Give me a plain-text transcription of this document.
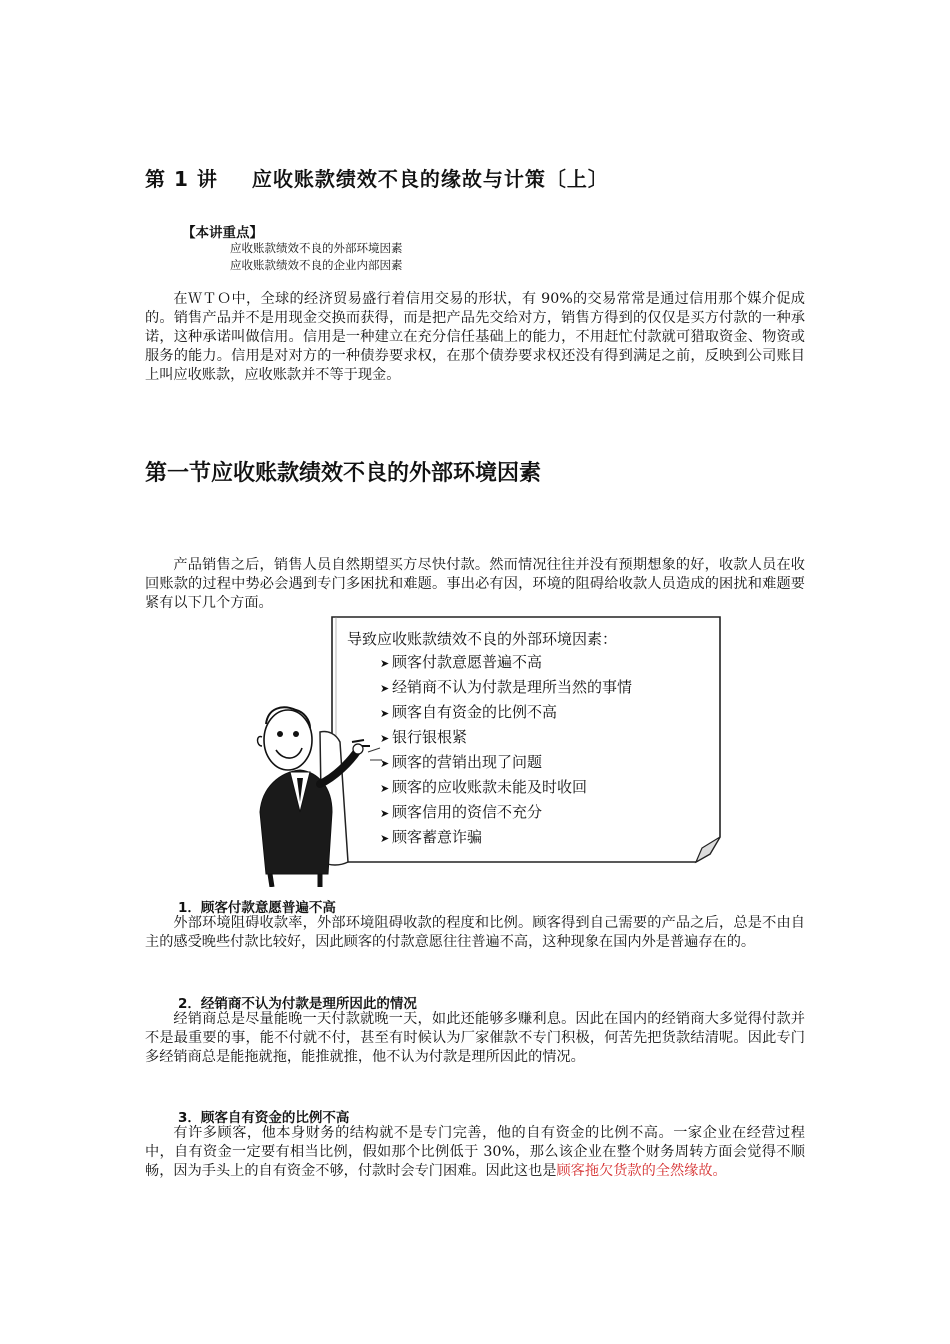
第 1 讲 应收账款绩效不良的缘故与计策〔上〕
【本讲重点】
应收账款绩效不良的外部环境因素
应收账款绩效不良的企业内部因素

在ＷＴＯ中，全球的经济贸易盛行着信用交易的形状，有 90%的交易常常是通过信用那个媒介促成的。销售产品并不是用现金交换而获得，而是把产品先交给对方，销售方得到的仅仅是买方付款的一种承诺，这种承诺叫做信用。信用是一种建立在充分信任基础上的能力，不用赶忙付款就可猎取资金、物资或服务的能力。信用是对对方的一种债券要求权，在那个债券要求权还没有得到满足之前，反映到公司账目上叫应收账款，应收账款并不等于现金。

第一节应收账款绩效不良的外部环境因素

产品销售之后，销售人员自然期望买方尽快付款。然而情况往往并没有预期想象的好，收款人员在收回账款的过程中势必会遇到专门多困扰和难题。事出必有因，环境的阻碍给收款人员造成的困扰和难题要紧有以下几个方面。

导致应收账款绩效不良的外部环境因素：
➤ 顾客付款意愿普遍不高
➤ 经销商不认为付款是理所当然的事情
➤ 顾客自有资金的比例不高
➤ 银行银根紧
➤ 顾客的营销出现了问题
➤ 顾客的应收账款未能及时收回
➤ 顾客信用的资信不充分
➤ 顾客蓄意诈骗
1．顾客付款意愿普遍不高

外部环境阻碍收款率，外部环境阻碍收款的程度和比例。顾客得到自己需要的产品之后，总是不由自主的感受晚些付款比较好，因此顾客的付款意愿往往普遍不高，这种现象在国内外是普遍存在的。

2．经销商不认为付款是理所因此的情况

经销商总是尽量能晚一天付款就晚一天，如此还能够多赚利息。因此在国内的经销商大多觉得付款并不是最重要的事，能不付就不付，甚至有时候认为厂家催款不专门积极，何苦先把货款结清呢。因此专门多经销商总是能拖就拖，能推就推，他不认为付款是理所因此的情况。

3．顾客自有资金的比例不高

有许多顾客，他本身财务的结构就不是专门完善，他的自有资金的比例不高。一家企业在经营过程中，自有资金一定要有相当比例，假如那个比例低于 30%，那么该企业在整个财务周转方面会觉得不顺畅，因为手头上的自有资金不够，付款时会专门困难。因此这也是顾客拖欠货款的全然缘故。
